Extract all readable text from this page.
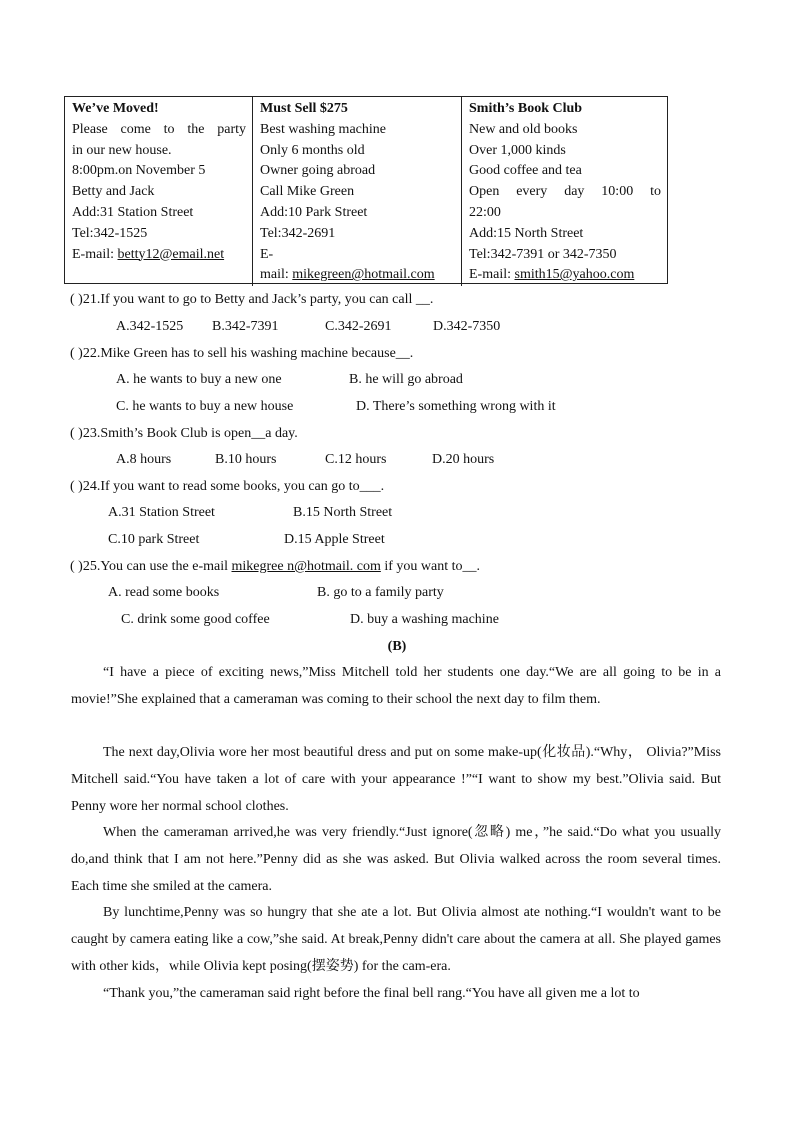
We’ve Moved!
Please come to the party
in our new house.
8:00pm.on November 5
Betty and Jack
Add:31 Station Street
Tel:342-1525
E-mail: betty12@email.net
Must Sell $275
Best washing machine
Only 6 months old
Owner going abroad
Call Mike Green
Add:10 Park Street
Tel:342-2691
E-
mail: mikegreen@hotmail.com
Smith’s Book Club
New and old books
Over 1,000 kinds
Good coffee and tea
Open every day 10:00 to
22:00
Add:15 North Street
Tel:342-7391 or 342-7350
E-mail: smith15@yahoo.com
( )21.If you want to go to Betty and Jack’s party, you can call __.
A.342-1525 B.342-7391	C.342-2691	D.342-7350
( )22.Mike Green has to sell his washing machine because__.
A. he wants to buy a new one	B. he will go abroad
C. he wants to buy a new house	D. There’s something wrong with it
( )23.Smith’s Book Club is open__a day.
A.8 hours	B.10 hours	C.12 hours	D.20 hours
( )24.If you want to read some books, you can go to___.
A.31 Station Street	B.15 North Street
C.10 park Street	D.15 Apple Street
( )25.You can use the e-mail mikegree n@hotmail. com if you want to__.
A. read some books	B. go to a family party
C. drink some good coffee	D. buy a washing machine
(B)
“I have a piece of exciting news,”Miss Mitchell told her students one day.“We are all going to be in a movie!”She explained that a cameraman was coming to their school the next day to film them.
The next day,Olivia wore her most beautiful dress and put on some make-up(化妆品).“Why， Olivia?”Miss Mitchell said.“You have taken a lot of care with your appearance !”“I want to show my best.”Olivia said. But Penny wore her normal school clothes.
When the cameraman arrived,he was very friendly.“Just ignore(忽略) me，”he said.“Do what you usually do,and think that I am not here.”Penny did as she was asked. But Olivia walked across the room several times. Each time she smiled at the camera.
By lunchtime,Penny was so hungry that she ate a lot. But Olivia almost ate nothing.“I wouldn't want to be caught by camera eating like a cow,”she said. At break,Penny didn't care about the camera at all. She played games with other kids，while Olivia kept posing(摆姿势) for the cam-era.
“Thank you,”the cameraman said right before the final bell rang.“You have all given me a lot to
